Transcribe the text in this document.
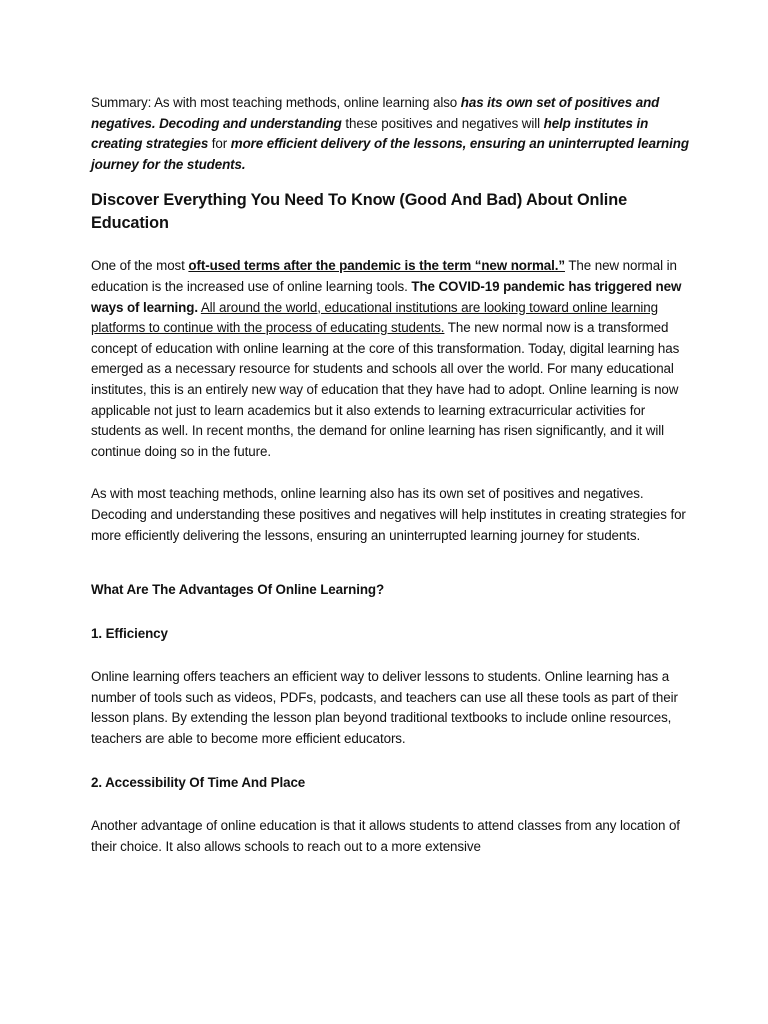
Summary: As with most teaching methods, online learning also has its own set of positives and negatives. Decoding and understanding these positives and negatives will help institutes in creating strategies for more efficient delivery of the lessons, ensuring an uninterrupted learning journey for the students.

Discover Everything You Need To Know (Good And Bad) About Online Education

One of the most oft-used terms after the pandemic is the term “new normal.” The new normal in education is the increased use of online learning tools. The COVID-19 pandemic has triggered new ways of learning. All around the world, educational institutions are looking toward online learning platforms to continue with the process of educating students. The new normal now is a transformed concept of education with online learning at the core of this transformation. Today, digital learning has emerged as a necessary resource for students and schools all over the world. For many educational institutes, this is an entirely new way of education that they have had to adopt. Online learning is now applicable not just to learn academics but it also extends to learning extracurricular activities for students as well. In recent months, the demand for online learning has risen significantly, and it will continue doing so in the future.

As with most teaching methods, online learning also has its own set of positives and negatives. Decoding and understanding these positives and negatives will help institutes in creating strategies for more efficiently delivering the lessons, ensuring an uninterrupted learning journey for students.

What Are The Advantages Of Online Learning?

1. Efficiency

Online learning offers teachers an efficient way to deliver lessons to students. Online learning has a number of tools such as videos, PDFs, podcasts, and teachers can use all these tools as part of their lesson plans. By extending the lesson plan beyond traditional textbooks to include online resources, teachers are able to become more efficient educators.

2. Accessibility Of Time And Place

Another advantage of online education is that it allows students to attend classes from any location of their choice. It also allows schools to reach out to a more extensive
